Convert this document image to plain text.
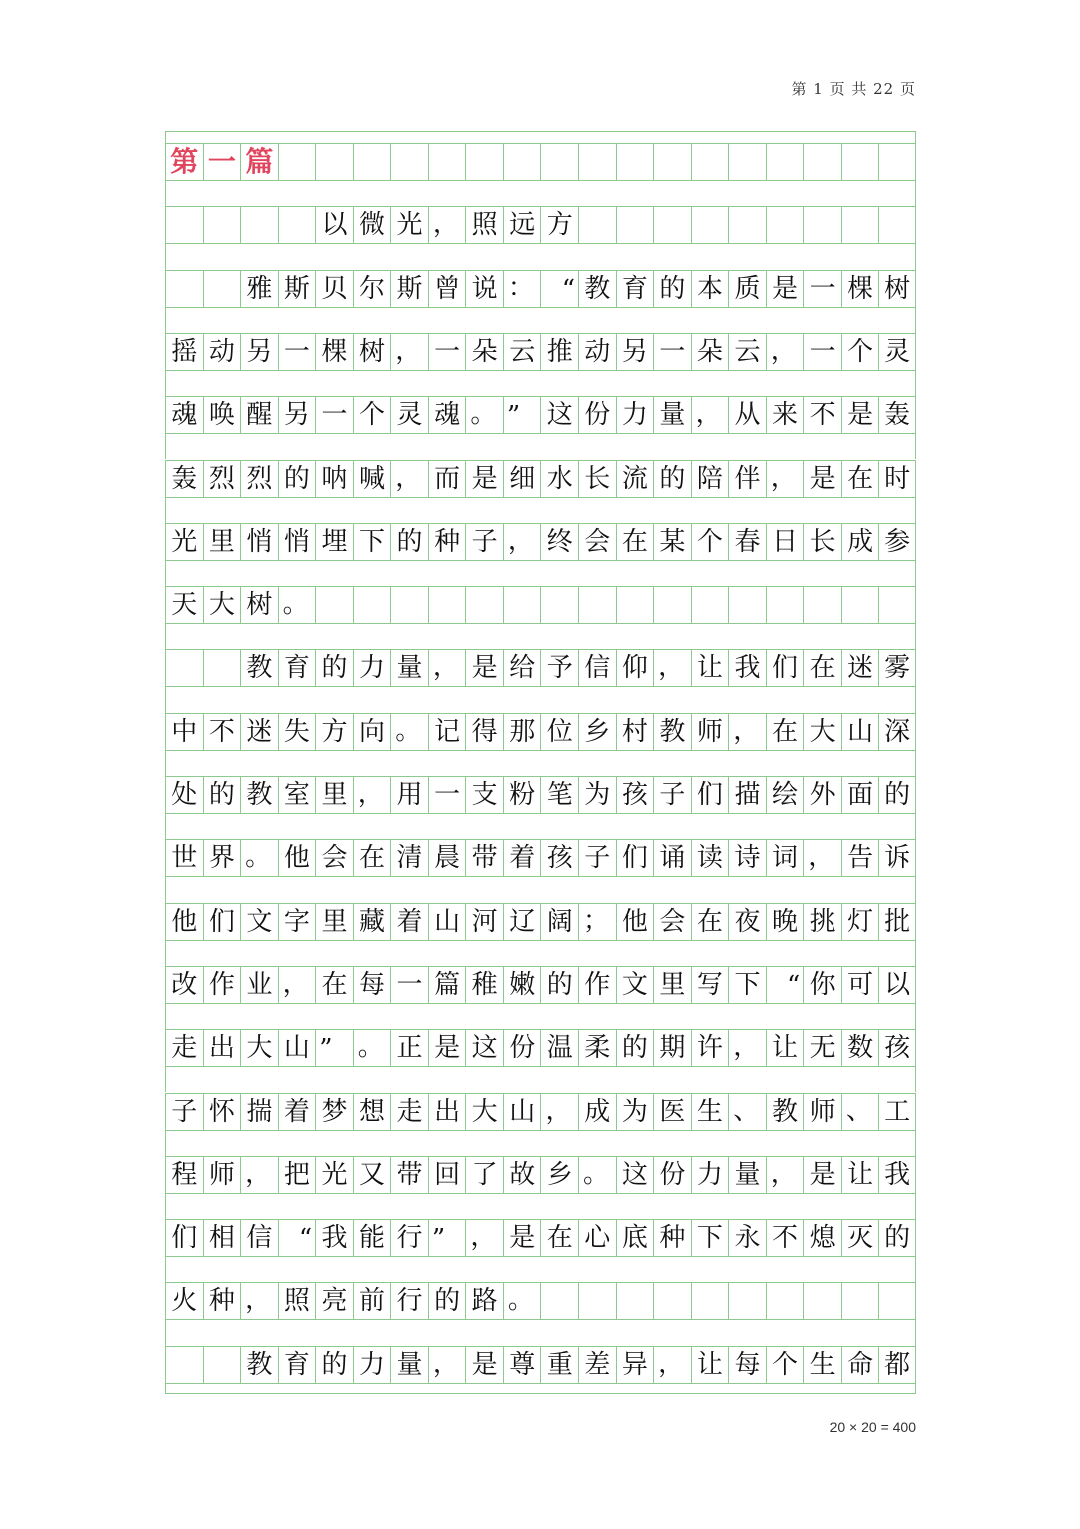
第 1 页 共 22 页
第 一 篇
以 微 光 ， 照 远 方
雅 斯 贝 尔 斯 曾 说 ：	“ 教 育 的 本 质 是 一 棵 树
摇 动 另 一 棵 树 ， 一 朵 云 推 动 另 一 朵 云 ， 一 个 灵
魂 唤 醒 另 一 个 灵 魂 。 ”	这 份 力 量 ， 从 来 不 是 轰
轰 烈 烈 的 呐 喊 ， 而 是 细 水 长 流 的 陪 伴 ， 是 在 时
光 里 悄 悄 埋 下 的 种 子 ， 终 会 在 某 个 春 日 长 成 参
天 大 树 。
教 育 的 力 量 ， 是 给 予 信 仰 ， 让 我 们 在 迷 雾
中 不 迷 失 方 向 。 记 得 那 位 乡 村 教 师 ， 在 大 山 深
处 的 教 室 里 ， 用 一 支 粉 笔 为 孩 子 们 描 绘 外 面 的
世 界 。 他 会 在 清 晨 带 着 孩 子 们 诵 读 诗 词 ， 告 诉
他 们 文 字 里 藏 着 山 河 辽 阔 ； 他 会 在 夜 晚 挑 灯 批
改 作 业 ， 在 每 一 篇 稚 嫩 的 作 文 里 写 下	“ 你 可 以
走 出 大 山 ” 。 正 是 这 份 温 柔 的 期 许 ， 让 无 数 孩
子 怀 揣 着 梦 想 走 出 大 山 ， 成 为 医 生 、 教 师 、 工
程 师 ， 把 光 又 带 回 了 故 乡 。 这 份 力 量 ， 是 让 我
们 相 信	“ 我 能 行 ” ， 是 在 心 底 种 下 永 不 熄 灭 的
火 种 ， 照 亮 前 行 的 路 。
教 育 的 力 量 ， 是 尊 重 差 异 ， 让 每 个 生 命 都
20 × 20 = 400
